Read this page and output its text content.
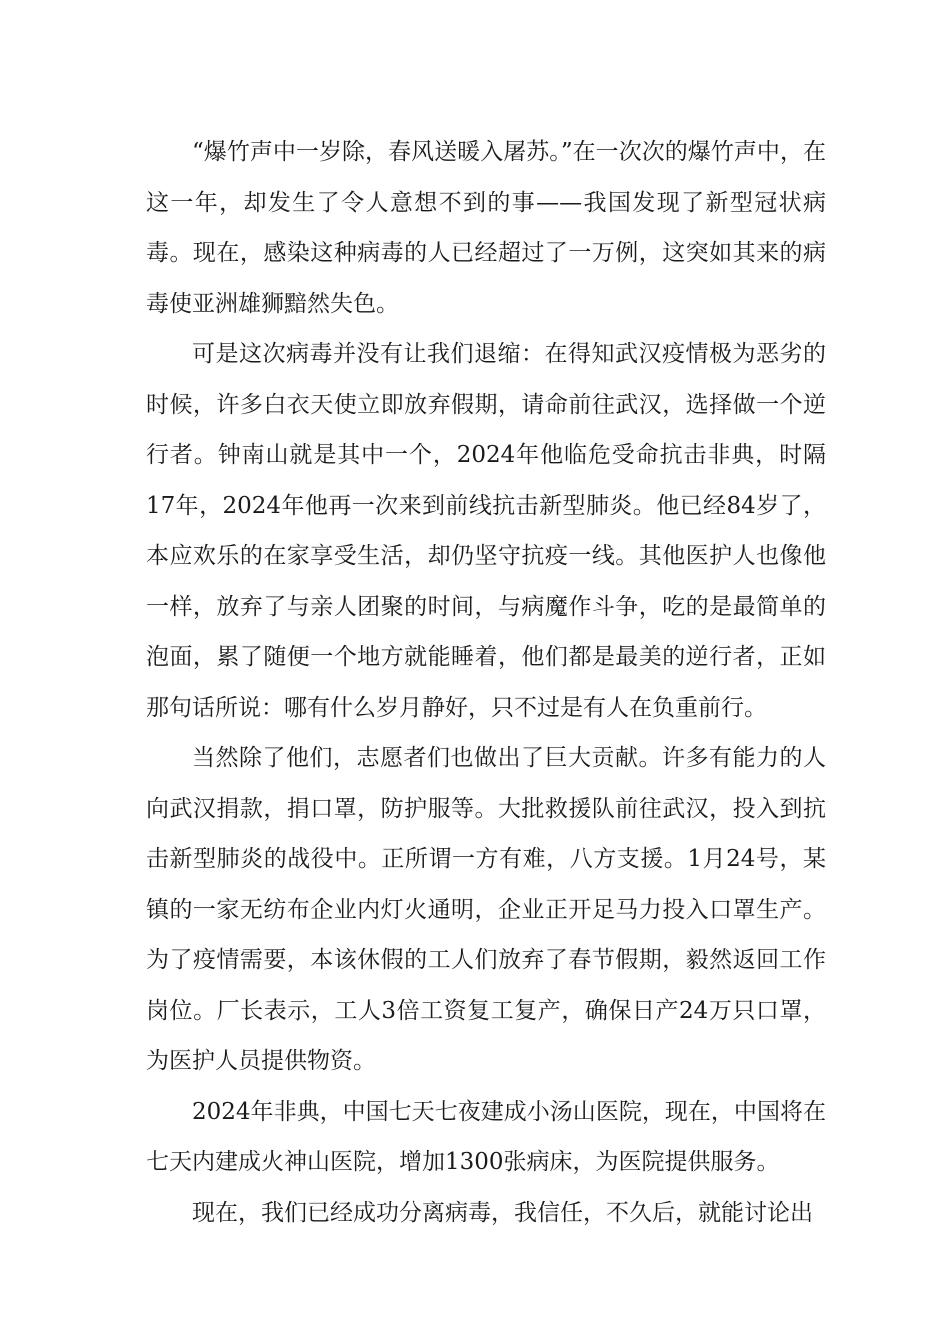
“爆竹声中一岁除，春风送暖入屠苏。”在一次次的爆竹声中，在这一年，却发生了令人意想不到的事——我国发现了新型冠状病毒。现在，感染这种病毒的人已经超过了一万例，这突如其来的病毒使亚洲雄狮黯然失色。

可是这次病毒并没有让我们退缩：在得知武汉疫情极为恶劣的时候，许多白衣天使立即放弃假期，请命前往武汉，选择做一个逆行者。钟南山就是其中一个，2024年他临危受命抗击非典，时隔17年，2024年他再一次来到前线抗击新型肺炎。他已经84岁了，本应欢乐的在家享受生活，却仍坚守抗疫一线。其他医护人也像他一样，放弃了与亲人团聚的时间，与病魔作斗争，吃的是最简单的泡面，累了随便一个地方就能睡着，他们都是最美的逆行者，正如那句话所说：哪有什么岁月静好，只不过是有人在负重前行。

当然除了他们，志愿者们也做出了巨大贡献。许多有能力的人向武汉捐款，捐口罩，防护服等。大批救援队前往武汉，投入到抗击新型肺炎的战役中。正所谓一方有难，八方支援。1月24号，某镇的一家无纺布企业内灯火通明，企业正开足马力投入口罩生产。为了疫情需要，本该休假的工人们放弃了春节假期，毅然返回工作岗位。厂长表示，工人3倍工资复工复产，确保日产24万只口罩，为医护人员提供物资。

2024年非典，中国七天七夜建成小汤山医院，现在，中国将在七天内建成火神山医院，增加1300张病床，为医院提供服务。

现在，我们已经成功分离病毒，我信任，不久后，就能讨论出
